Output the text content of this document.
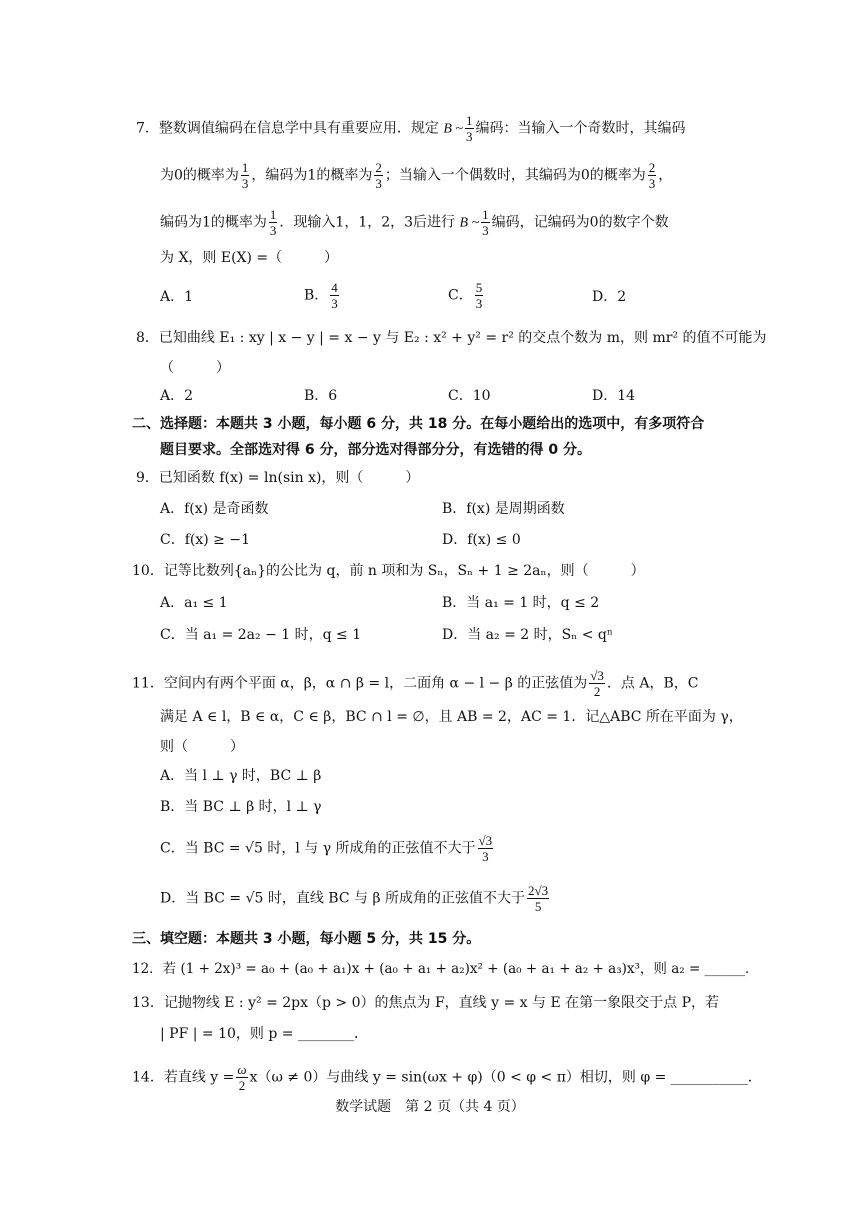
7．整数调值编码在信息学中具有重要应用．规定 B ~ $\frac{1}{3}$ 编码：当输入一个奇数时，其编码
为0的概率为 $\frac{1}{3}$ ，编码为1的概率为 $\frac{2}{3}$ ；当输入一个偶数时，其编码为0的概率为 $\frac{2}{3}$ ，
编码为1的概率为 $\frac{1}{3}$ ．现输入1，1，2，3后进行 B ~ $\frac{1}{3}$ 编码，记编码为0的数字个数
为 X，则 E(X) =（　　　）
A．1	B． $\frac{4}{3}$	C． $\frac{5}{3}$	D．2
8．已知曲线 E₁ : xy | x − y | = x − y 与 E₂ : x² + y² = r² 的交点个数为 m，则 mr² 的值不可能为
（　　　）
A．2	B．6	C．10	D．14
二、选择题：本题共 3 小题，每小题 6 分，共 18 分。在每小题给出的选项中，有多项符合
题目要求。全部选对得 6 分，部分选对得部分分，有选错的得 0 分。
9．已知函数 f(x) = ln(sin x)，则（　　　）
A．f(x) 是奇函数	B．f(x) 是周期函数
C．f(x) ≥ −1	D．f(x) ≤ 0
10．记等比数列{aₙ}的公比为 q，前 n 项和为 Sₙ，Sₙ + 1 ≥ 2aₙ，则（　　　）
A．a₁ ≤ 1	B．当 a₁ = 1 时，q ≤ 2
C．当 a₁ = 2a₂ − 1 时，q ≤ 1	D．当 a₂ = 2 时，Sₙ < qⁿ
11．空间内有两个平面 α，β，α ∩ β = l，二面角 α − l − β 的正弦值为 $\frac{√3}{2}$ ．点 A，B，C
满足 A ∈ l，B ∈ α，C ∈ β，BC ∩ l = ∅，且 AB = 2，AC = 1．记△ABC 所在平面为 γ，
则（　　　）
A．当 l ⊥ γ 时，BC ⊥ β
B．当 BC ⊥ β 时，l ⊥ γ
C．当 BC = √5 时，l 与 γ 所成角的正弦值不大于 $\frac{√3}{3}$
D．当 BC = √5 时，直线 BC 与 β 所成角的正弦值不大于 $\frac{2√3}{5}$
三、填空题：本题共 3 小题，每小题 5 分，共 15 分。
12．若 (1 + 2x)³ = a₀ + (a₀ + a₁)x + (a₀ + a₁ + a₂)x² + (a₀ + a₁ + a₂ + a₃)x³，则 a₂ = ______．
13．记抛物线 E : y² = 2px（p > 0）的焦点为 F，直线 y = x 与 E 在第一象限交于点 P，若
| PF | = 10，则 p = ________．
14．若直线 $y = \frac{\omega}{2} x(\omega \ne 0)$与曲线 y = sin(ωx + φ)（0 < φ < π）相切，则 φ = ___________．
数学试题　第 2 页（共 4 页）
